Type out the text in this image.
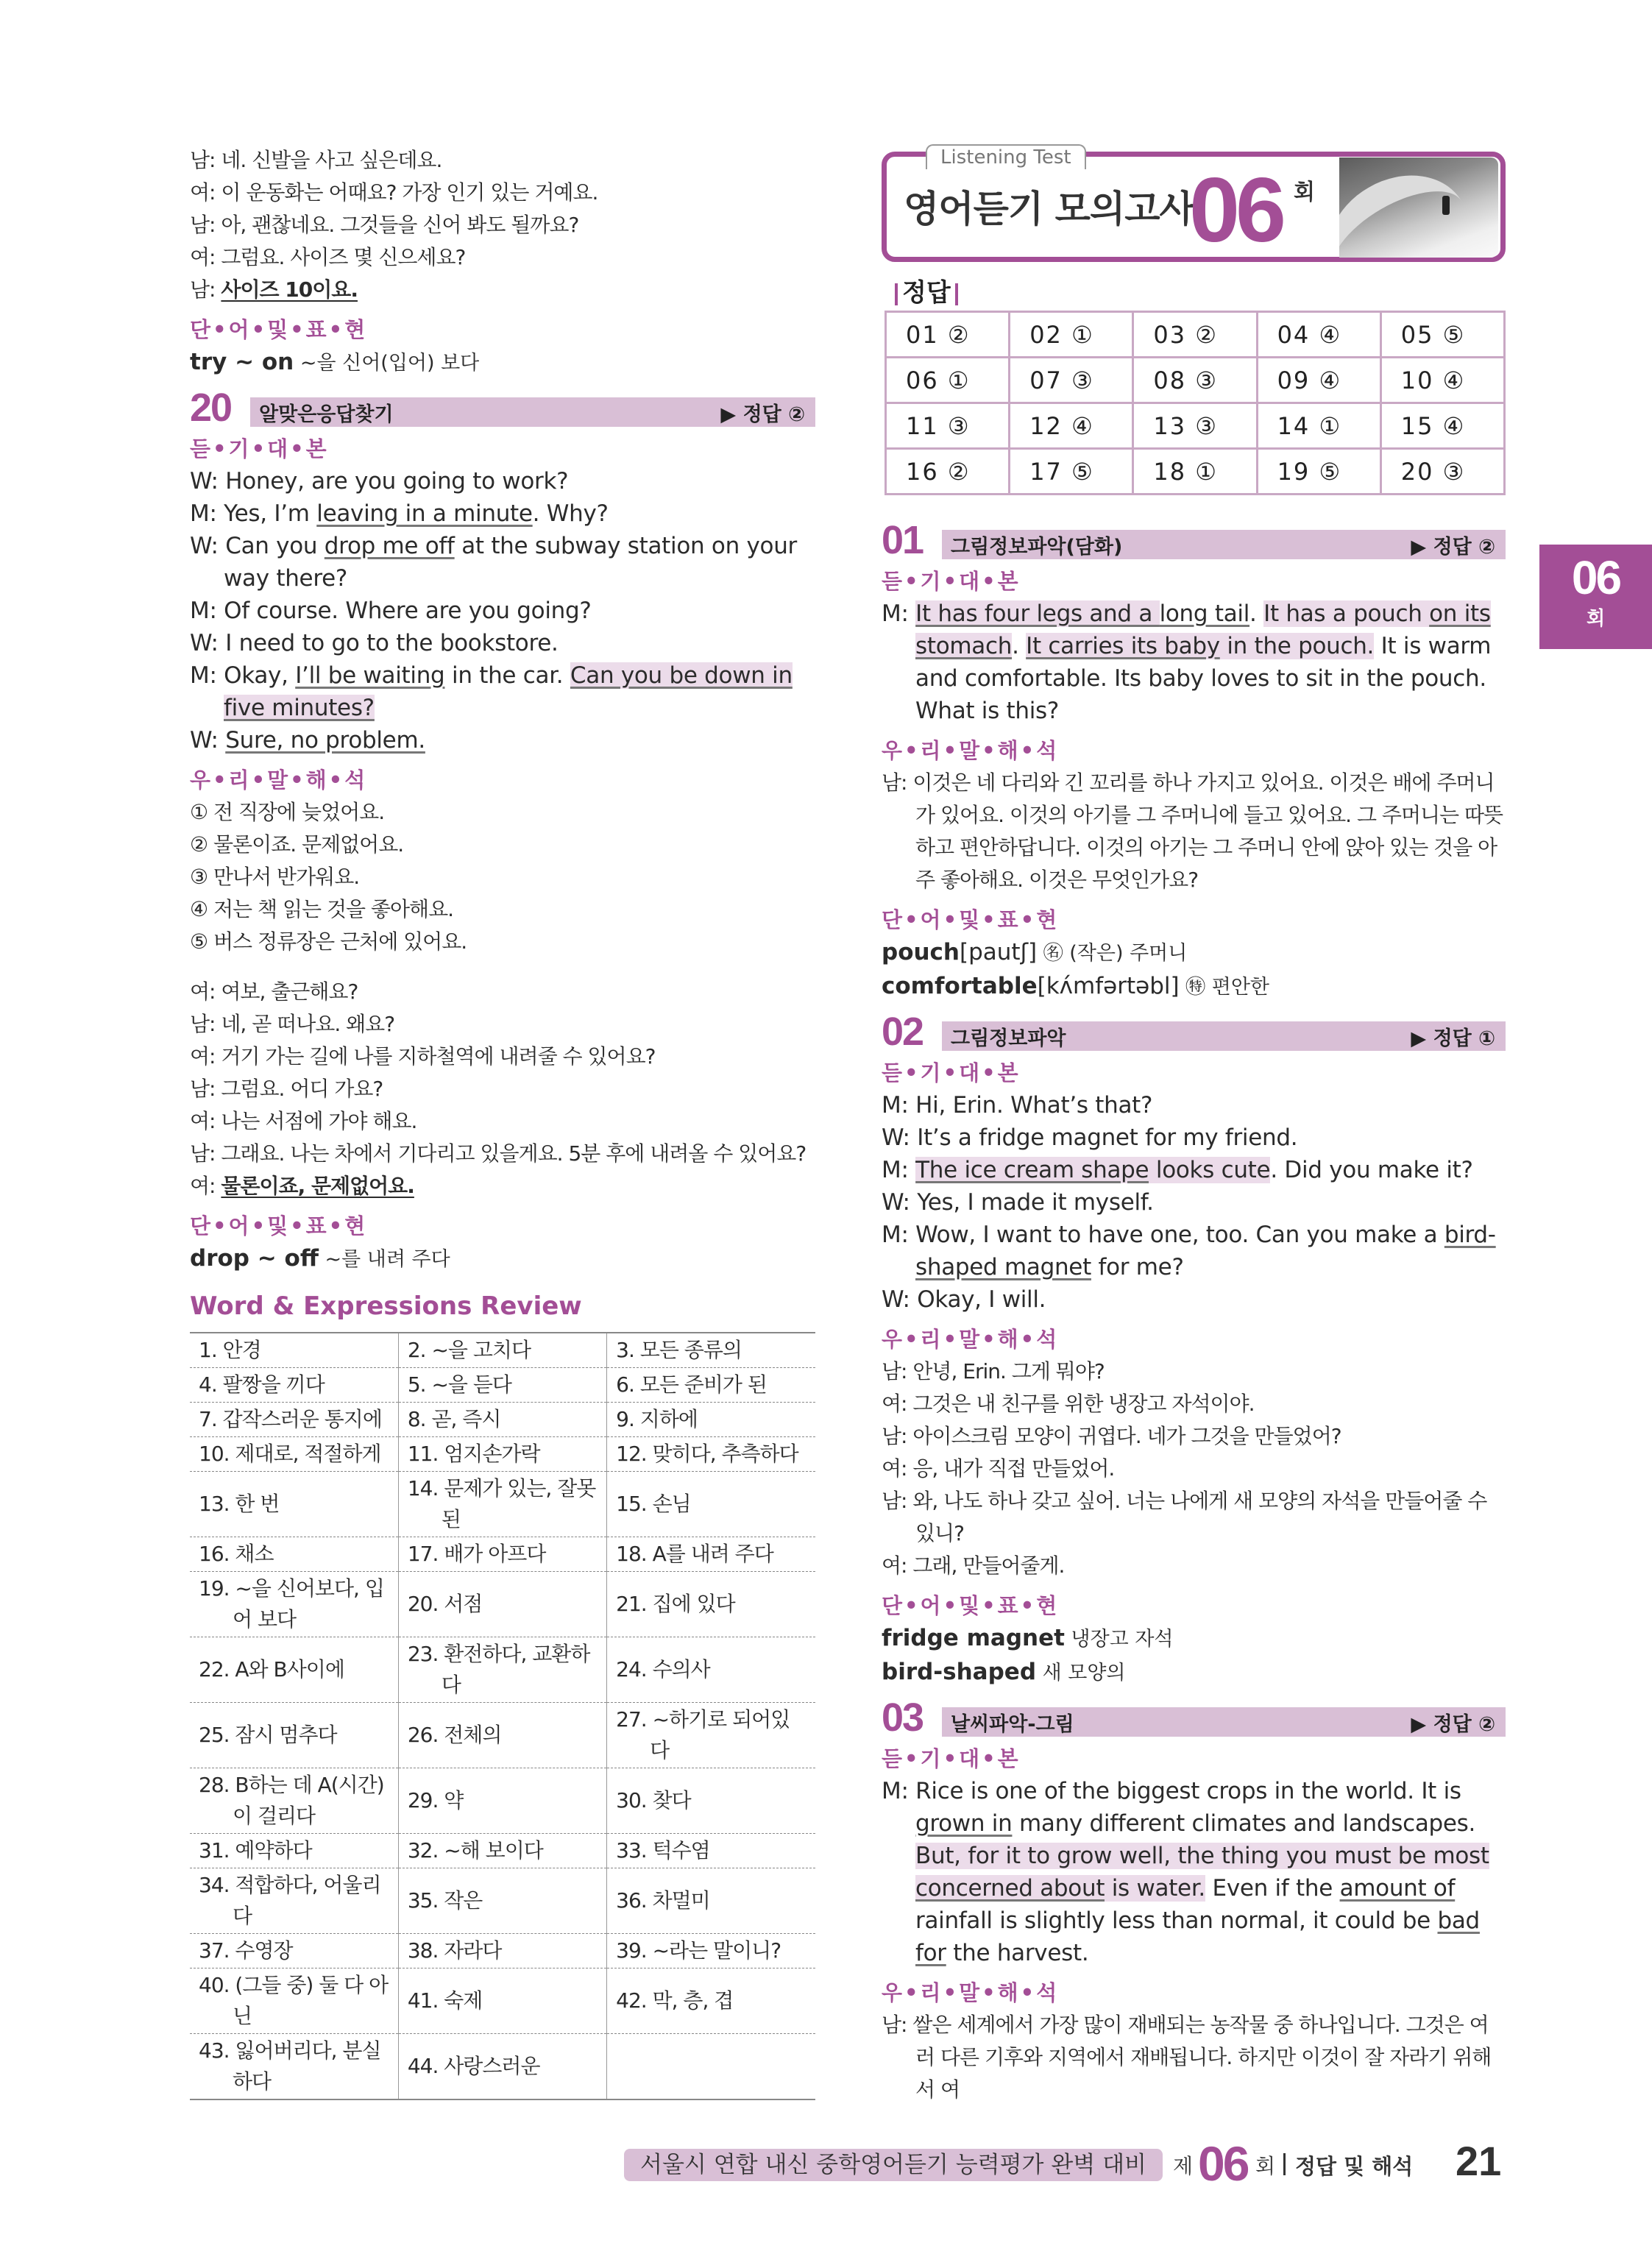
남: 네. 신발을 사고 싶은데요.
여: 이 운동화는 어때요? 가장 인기 있는 거예요.
남: 아, 괜찮네요. 그것들을 신어 봐도 될까요?
여: 그럼요. 사이즈 몇 신으세요?
남: 사이즈 10이요.
단•어•및•표•현
try ~ on ~을 신어(입어) 보다
20 알맞은응답찾기	▶ 정답 ②
듣•기•대•본
W: Honey, are you going to work?
M: Yes, I’m leaving in a minute. Why?
W: Can you drop me off at the subway station on your way there?
M: Of course. Where are you going?
W: I need to go to the bookstore.
M: Okay, I’ll be waiting in the car. Can you be down in five minutes?
W: Sure, no problem.
우•리•말•해•석
① 전 직장에 늦었어요.
② 물론이죠. 문제없어요.
③ 만나서 반가워요.
④ 저는 책 읽는 것을 좋아해요.
⑤ 버스 정류장은 근처에 있어요.
여: 여보, 출근해요?
남: 네, 곧 떠나요. 왜요?
여: 거기 가는 길에 나를 지하철역에 내려줄 수 있어요?
남: 그럼요. 어디 가요?
여: 나는 서점에 가야 해요.
남: 그래요. 나는 차에서 기다리고 있을게요. 5분 후에 내려올 수 있어요?
여: 물론이죠, 문제없어요.
단•어•및•표•현
drop ~ off ~를 내려 주다
Word & Expressions Review
1. 안경	2. ~을 고치다	3. 모든 종류의
4. 팔짱을 끼다	5. ~을 듣다	6. 모든 준비가 된
7. 갑작스러운 통지에	8. 곧, 즉시	9. 지하에
10. 제대로, 적절하게	11. 엄지손가락	12. 맞히다, 추측하다
13. 한 번	14. 문제가 있는, 잘못된	15. 손님
16. 채소	17. 배가 아프다	18. A를 내려 주다
19. ~을 신어보다, 입어 보다	20. 서점	21. 집에 있다
22. A와 B사이에	23. 환전하다, 교환하다	24. 수의사
25. 잠시 멈추다	26. 전체의	27. ~하기로 되어있다
28. B하는 데 A(시간)이 걸리다	29. 약	30. 찾다
31. 예약하다	32. ~해 보이다	33. 턱수염
34. 적합하다, 어울리다	35. 작은	36. 차멀미
37. 수영장	38. 자라다	39. ~라는 말이니?
40. (그들 중) 둘 다 아닌	41. 숙제	42. 막, 층, 겹
43. 잃어버리다, 분실하다	44. 사랑스러운	
Listening Test
영어듣기 모의고사
06 회
정답
01 ②	02 ①	03 ②	04 ④	05 ⑤
06 ①	07 ③	08 ③	09 ④	10 ④
11 ③	12 ④	13 ③	14 ①	15 ④
16 ②	17 ⑤	18 ①	19 ⑤	20 ③
06
회
01 그림정보파악(담화)	▶ 정답 ②
듣•기•대•본
M: It has four legs and a long tail. It has a pouch on its stomach. It carries its baby in the pouch. It is warm and comfortable. Its baby loves to sit in the pouch. What is this?
우•리•말•해•석
남: 이것은 네 다리와 긴 꼬리를 하나 가지고 있어요. 이것은 배에 주머니가 있어요. 이것의 아기를 그 주머니에 들고 있어요. 그 주머니는 따뜻하고 편안하답니다. 이것의 아기는 그 주머니 안에 앉아 있는 것을 아주 좋아해요. 이것은 무엇인가요?
단•어•및•표•현
pouch[pautʃ] ㊔ (작은) 주머니
comfortable[kʌ́mfərtəbl] ㊕ 편안한
02 그림정보파악	▶ 정답 ①
듣•기•대•본
M: Hi, Erin. What’s that?
W: It’s a fridge magnet for my friend.
M: The ice cream shape looks cute. Did you make it?
W: Yes, I made it myself.
M: Wow, I want to have one, too. Can you make a bird-shaped magnet for me?
W: Okay, I will.
우•리•말•해•석
남: 안녕, Erin. 그게 뭐야?
여: 그것은 내 친구를 위한 냉장고 자석이야.
남: 아이스크림 모양이 귀엽다. 네가 그것을 만들었어?
여: 응, 내가 직접 만들었어.
남: 와, 나도 하나 갖고 싶어. 너는 나에게 새 모양의 자석을 만들어줄 수 있니?
여: 그래, 만들어줄게.
단•어•및•표•현
fridge magnet 냉장고 자석
bird-shaped 새 모양의
03 날씨파악-그림	▶ 정답 ②
듣•기•대•본
M: Rice is one of the biggest crops in the world. It is grown in many different climates and landscapes. But, for it to grow well, the thing you must be most concerned about is water. Even if the amount of rainfall is slightly less than normal, it could be bad for the harvest.
우•리•말•해•석
남: 쌀은 세계에서 가장 많이 재배되는 농작물 중 하나입니다. 그것은 여러 다른 기후와 지역에서 재배됩니다. 하지만 이것이 잘 자라기 위해서 여
서울시 연합 내신 중학영어듣기 능력평가 완벽 대비	제 06 회 정답 및 해석 21
